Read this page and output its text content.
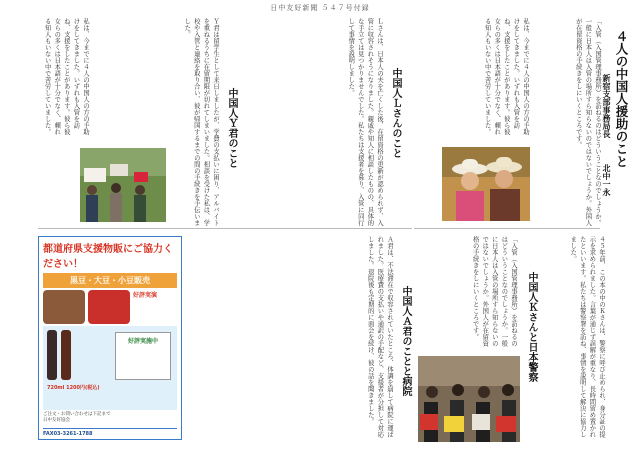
日中友好新聞 ５４７号付録
４人の中国人援助のこと
新宿支部事務局長
北中一永
「入管（入国管理事務所）を訪ねるのはどういうことなのでしょうか。一般に日本人は入管の場所すら知らないのではないでしょうか。外国人が在留資格の手続きをしにいくところです。
私は、今までに４人の中国人の方の手助けをしてきました。いずれも入管を訪ね、支援をしたことがあります。彼ら彼女らの多くは日本語が十分でなく、頼れる知人もいない中で苦労していました。
中国人Ｌさんのこと
Ｌさんは、日本人の夫を亡くした後、在留資格の更新が認められず、入管に収容されそうになりました。親戚や知人に相談したものの、具体的な手立ては見つかりませんでした。私たちは支援者を募り、入管に同行して事情を説明しました。
中国人Ｙ君のこと
Ｙ君は留学生として来日しましたが、学費の支払いに困り、アルバイトを重ねるうちに在留期限が切れてしまいました。相談を受けた私は、学校や入管と連絡を取り合い、彼が帰国するまでの間の手続きを手伝いました。
私は、今までに４人の中国人の方の手助けをしてきました。いずれも入管を訪ね、支援をしたことがあります。彼ら彼女らの多くは日本語が十分でなく、頼れる知人もいない中で苦労していました。
中国人Ａ君のことと病院
Ａ君は、不法滞在で収容されていたところ、体調を崩して病院に運ばれました。医療費の支払いや通訳の手配など、支援者が分担して対応しました。退院後も定期的に面会を続け、彼の話を聞きました。	中国人Ｋさんと日本警察	４５年前、この本の中のＫさんは、警察に呼び止められ、身分証の提示を求められました。言葉が通じず誤解が重なり、長時間留め置かれたといいます。私たちは警察署を訪ね、事情を説明して解決に協力しました。
「入管（入国管理事務所）を訪ねるのはどういうことなのでしょうか。一般に日本人は入管の場所すら知らないのではないでしょうか。外国人が在留資格の手続きをしにいくところです。
都道府県支援物販にご協力ください！
黒豆・大豆・小豆販売
好評実演
720ml 1200円(税込)
好評実施中
ご注文・お問い合わせは下記まで
日中友好協会
FAX03-3261-1788
